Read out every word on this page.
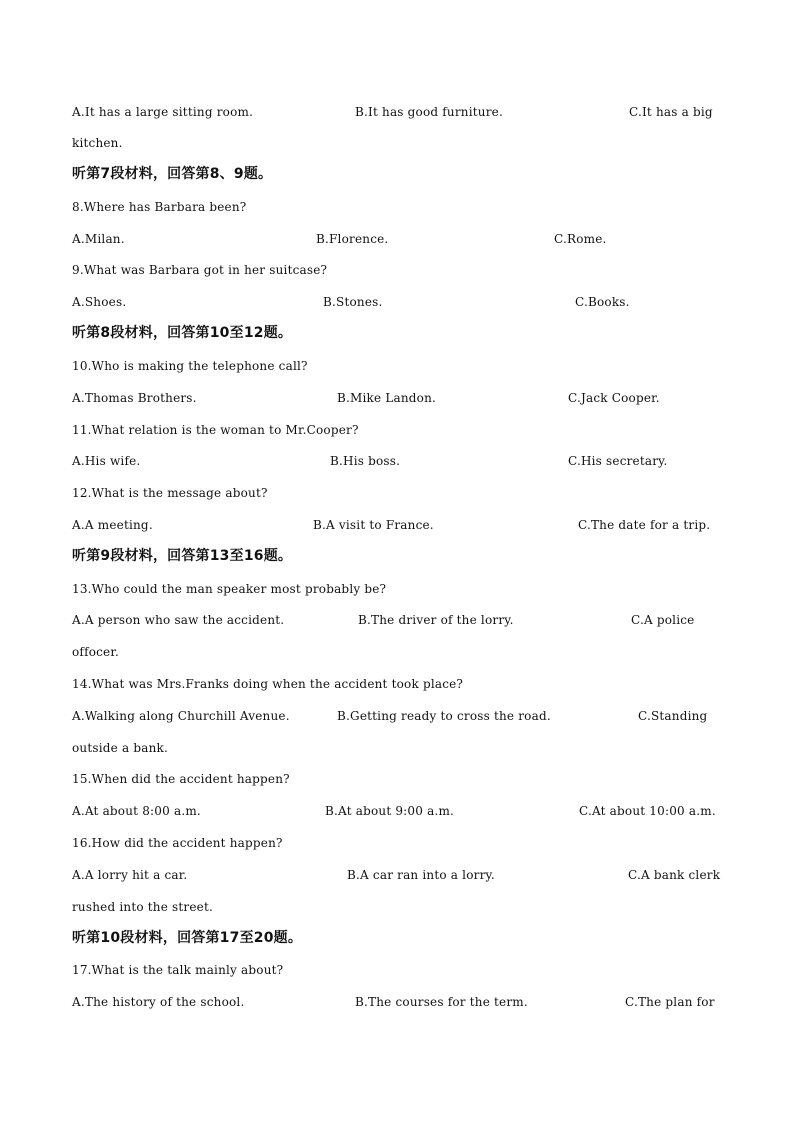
A.It has a large sitting room.	B.It has good furniture.	C.It has a big
kitchen.
听第7段材料，回答第8、9题。
8.Where has Barbara been?
A.Milan.	B.Florence.	C.Rome.
9.What was Barbara got in her suitcase?
A.Shoes.	B.Stones.	C.Books.
听第8段材料，回答第10至12题。
10.Who is making the telephone call?
A.Thomas Brothers.	B.Mike Landon.	C.Jack Cooper.
11.What relation is the woman to Mr.Cooper?
A.His wife.	B.His boss.	C.His secretary.
12.What is the message about?
A.A meeting.	B.A visit to France.	C.The date for a trip.
听第9段材料，回答第13至16题。
13.Who could the man speaker most probably be?
A.A person who saw the accident.	B.The driver of the lorry.	C.A police
offocer.
14.What was Mrs.Franks doing when the accident took place?
A.Walking along Churchill Avenue.	B.Getting ready to cross the road.	C.Standing
outside a bank.
15.When did the accident happen?
A.At about 8:00 a.m.	B.At about 9:00 a.m.	C.At about 10:00 a.m.
16.How did the accident happen?
A.A lorry hit a car.	B.A car ran into a lorry.	C.A bank clerk
rushed into the street.
听第10段材料，回答第17至20题。
17.What is the talk mainly about?
A.The history of the school.	B.The courses for the term.	C.The plan for
